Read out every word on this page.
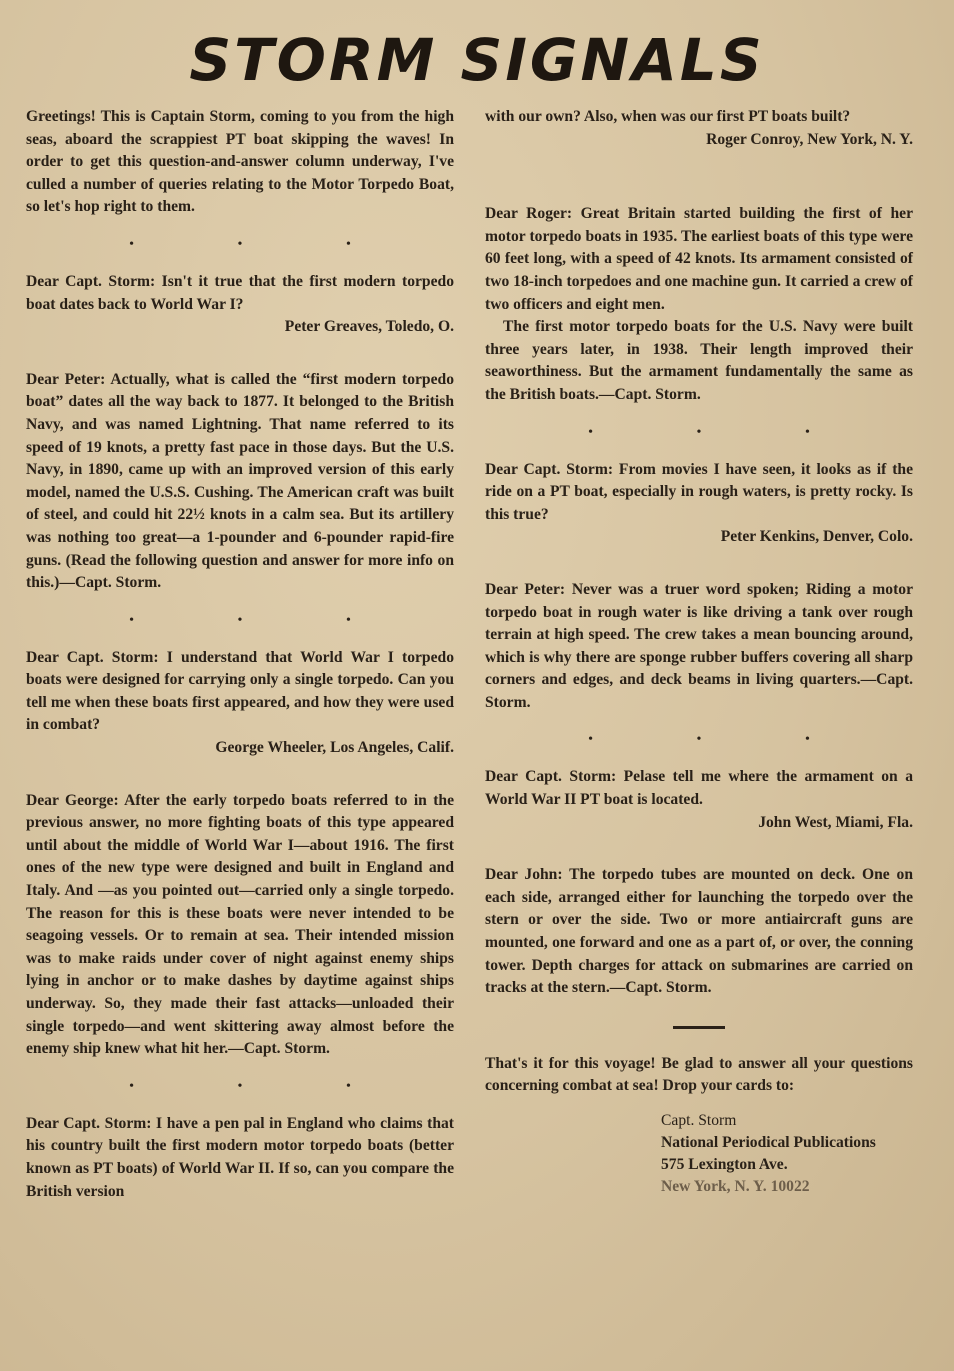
STORM SIGNALS

Greetings! This is Captain Storm, coming to you from the high seas, aboard the scrappiest PT boat skipping the waves! In order to get this question-and-answer column underway, I've culled a number of queries relating to the Motor Torpedo Boat, so let's hop right to them.

• • •

Dear Capt. Storm: Isn't it true that the first modern torpedo boat dates back to World War I?

Peter Greaves, Toledo, O.

Dear Peter: Actually, what is called the “first modern torpedo boat” dates all the way back to 1877. It belonged to the British Navy, and was named Lightning. That name referred to its speed of 19 knots, a pretty fast pace in those days. But the U.S. Navy, in 1890, came up with an improved version of this early model, named the U.S.S. Cushing. The American craft was built of steel, and could hit 22½ knots in a calm sea. But its artillery was nothing too great—a 1-pounder and 6-pounder rapid-fire guns. (Read the following question and answer for more info on this.)—Capt. Storm.

• • •

Dear Capt. Storm: I understand that World War I torpedo boats were designed for carrying only a single torpedo. Can you tell me when these boats first appeared, and how they were used in combat?

George Wheeler, Los Angeles, Calif.

Dear George: After the early torpedo boats referred to in the previous answer, no more fighting boats of this type appeared until about the middle of World War I—about 1916. The first ones of the new type were designed and built in England and Italy. And —as you pointed out—carried only a single torpedo. The reason for this is these boats were never intended to be seagoing vessels. Or to remain at sea. Their intended mission was to make raids under cover of night against enemy ships lying in anchor or to make dashes by daytime against ships underway. So, they made their fast attacks—unloaded their single torpedo—and went skittering away almost before the enemy ship knew what hit her.—Capt. Storm.

• • •

Dear Capt. Storm: I have a pen pal in England who claims that his country built the first modern motor torpedo boats (better known as PT boats) of World War II. If so, can you compare the British version

with our own? Also, when was our first PT boats built?

Roger Conroy, New York, N. Y.

Dear Roger: Great Britain started building the first of her motor torpedo boats in 1935. The earliest boats of this type were 60 feet long, with a speed of 42 knots. Its armament consisted of two 18-inch torpedoes and one machine gun. It carried a crew of two officers and eight men.

The first motor torpedo boats for the U.S. Navy were built three years later, in 1938. Their length improved their seaworthiness. But the armament fundamentally the same as the British boats.—Capt. Storm.

• • •

Dear Capt. Storm: From movies I have seen, it looks as if the ride on a PT boat, especially in rough waters, is pretty rocky. Is this true?

Peter Kenkins, Denver, Colo.

Dear Peter: Never was a truer word spoken; Riding a motor torpedo boat in rough water is like driving a tank over rough terrain at high speed. The crew takes a mean bouncing around, which is why there are sponge rubber buffers covering all sharp corners and edges, and deck beams in living quarters.—Capt. Storm.

• • •

Dear Capt. Storm: Pelase tell me where the armament on a World War II PT boat is located.

John West, Miami, Fla.

Dear John: The torpedo tubes are mounted on deck. One on each side, arranged either for launching the torpedo over the stern or over the side. Two or more antiaircraft guns are mounted, one forward and one as a part of, or over, the conning tower. Depth charges for attack on submarines are carried on tracks at the stern.—Capt. Storm.

That's it for this voyage! Be glad to answer all your questions concerning combat at sea! Drop your cards to:

Capt. Storm
National Periodical Publications
575 Lexington Ave.
New York, N. Y. 10022
